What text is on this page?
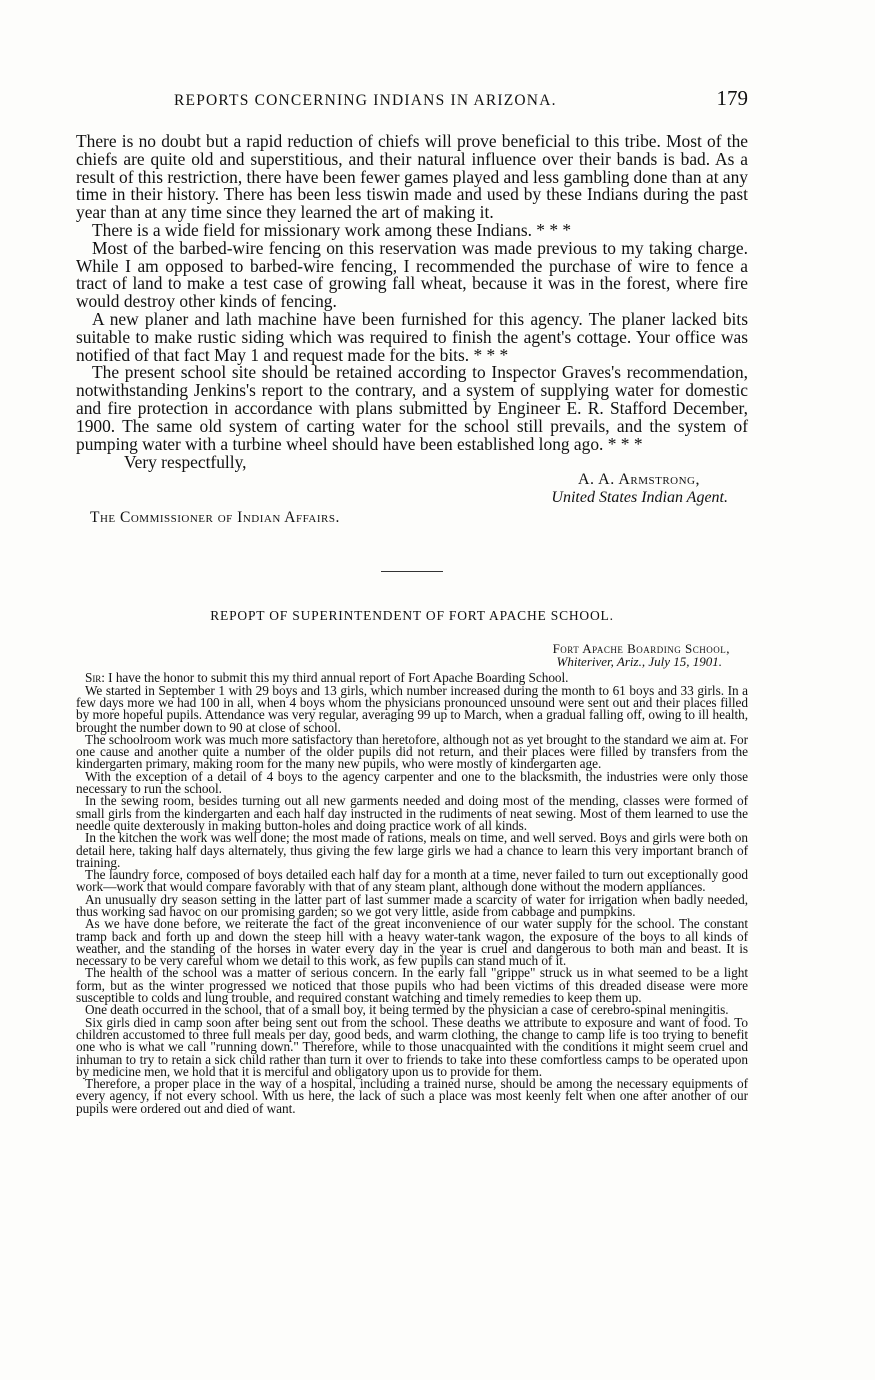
REPORTS CONCERNING INDIANS IN ARIZONA.	179

There is no doubt but a rapid reduction of chiefs will prove beneficial to this tribe. Most of the chiefs are quite old and superstitious, and their natural influence over their bands is bad. As a result of this restriction, there have been fewer games played and less gambling done than at any time in their history. There has been less tiswin made and used by these Indians during the past year than at any time since they learned the art of making it.

There is a wide field for missionary work among these Indians. * * *

Most of the barbed-wire fencing on this reservation was made previous to my taking charge. While I am opposed to barbed-wire fencing, I recommended the purchase of wire to fence a tract of land to make a test case of growing fall wheat, because it was in the forest, where fire would destroy other kinds of fencing.

A new planer and lath machine have been furnished for this agency. The planer lacked bits suitable to make rustic siding which was required to finish the agent's cottage. Your office was notified of that fact May 1 and request made for the bits. * * *

The present school site should be retained according to Inspector Graves's recommendation, notwithstanding Jenkins's report to the contrary, and a system of supplying water for domestic and fire protection in accordance with plans submitted by Engineer E. R. Stafford December, 1900. The same old system of carting water for the school still prevails, and the system of pumping water with a turbine wheel should have been established long ago. * * *

Very respectfully,

A. A. Armstrong,
United States Indian Agent.
The Commissioner of Indian Affairs.
REPOPT OF SUPERINTENDENT OF FORT APACHE SCHOOL.
Fort Apache Boarding School,
Whiteriver, Ariz., July 15, 1901.

Sir: I have the honor to submit this my third annual report of Fort Apache Boarding School.

We started in September 1 with 29 boys and 13 girls, which number increased during the month to 61 boys and 33 girls. In a few days more we had 100 in all, when 4 boys whom the physicians pronounced unsound were sent out and their places filled by more hopeful pupils. Attendance was very regular, averaging 99 up to March, when a gradual falling off, owing to ill health, brought the number down to 90 at close of school.

The schoolroom work was much more satisfactory than heretofore, although not as yet brought to the standard we aim at. For one cause and another quite a number of the older pupils did not return, and their places were filled by transfers from the kindergarten primary, making room for the many new pupils, who were mostly of kindergarten age.

With the exception of a detail of 4 boys to the agency carpenter and one to the blacksmith, the industries were only those necessary to run the school.

In the sewing room, besides turning out all new garments needed and doing most of the mending, classes were formed of small girls from the kindergarten and each half day instructed in the rudiments of neat sewing. Most of them learned to use the needle quite dexterously in making button-holes and doing practice work of all kinds.

In the kitchen the work was well done; the most made of rations, meals on time, and well served. Boys and girls were both on detail here, taking half days alternately, thus giving the few large girls we had a chance to learn this very important branch of training.

The laundry force, composed of boys detailed each half day for a month at a time, never failed to turn out exceptionally good work—work that would compare favorably with that of any steam plant, although done without the modern appliances.

An unusually dry season setting in the latter part of last summer made a scarcity of water for irrigation when badly needed, thus working sad havoc on our promising garden; so we got very little, aside from cabbage and pumpkins.

As we have done before, we reiterate the fact of the great inconvenience of our water supply for the school. The constant tramp back and forth up and down the steep hill with a heavy water-tank wagon, the exposure of the boys to all kinds of weather, and the standing of the horses in water every day in the year is cruel and dangerous to both man and beast. It is necessary to be very careful whom we detail to this work, as few pupils can stand much of it.

The health of the school was a matter of serious concern. In the early fall "grippe" struck us in what seemed to be a light form, but as the winter progressed we noticed that those pupils who had been victims of this dreaded disease were more susceptible to colds and lung trouble, and required constant watching and timely remedies to keep them up.

One death occurred in the school, that of a small boy, it being termed by the physician a case of cerebro-spinal meningitis.

Six girls died in camp soon after being sent out from the school. These deaths we attribute to exposure and want of food. To children accustomed to three full meals per day, good beds, and warm clothing, the change to camp life is too trying to benefit one who is what we call "running down." Therefore, while to those unacquainted with the conditions it might seem cruel and inhuman to try to retain a sick child rather than turn it over to friends to take into these comfortless camps to be operated upon by medicine men, we hold that it is merciful and obligatory upon us to provide for them.

Therefore, a proper place in the way of a hospital, including a trained nurse, should be among the necessary equipments of every agency, if not every school. With us here, the lack of such a place was most keenly felt when one after another of our pupils were ordered out and died of want.
